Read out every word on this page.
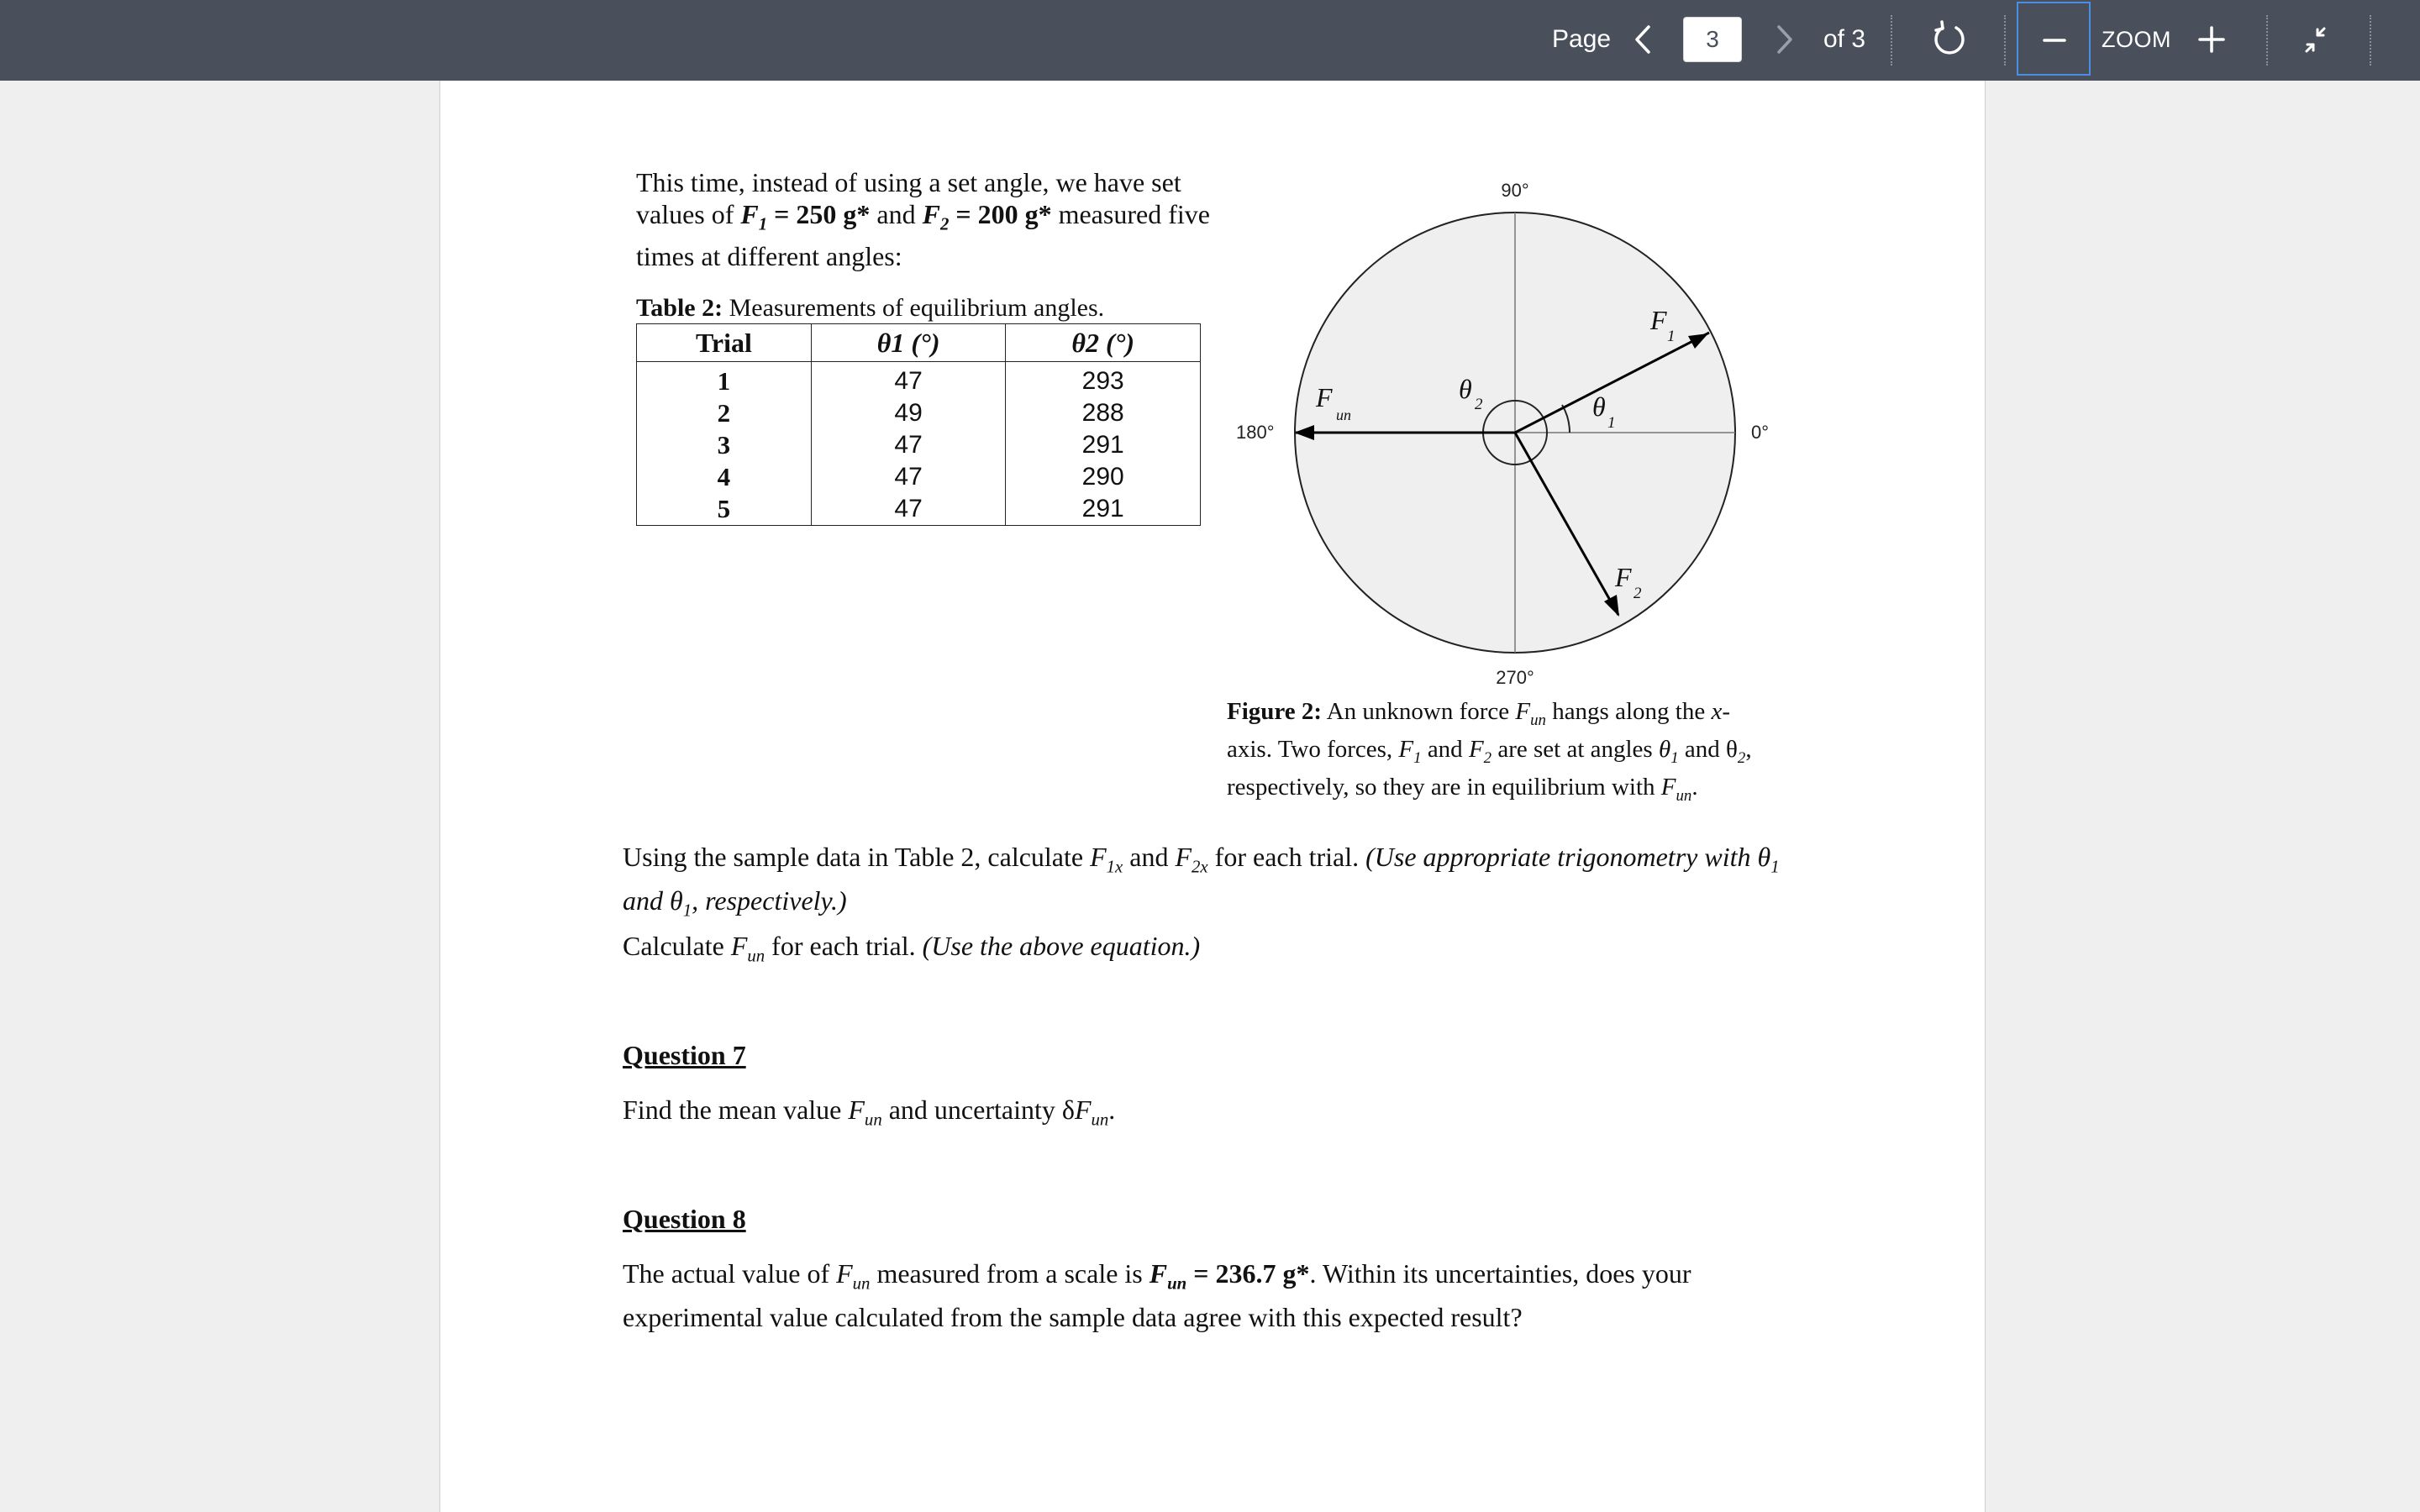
Page
3	of 3	ZOOM
This time, instead of using a set angle, we have set values of $F_1 = 250$ g* and $F_2 = 200$ g* measured five times at different angles:
Table 2: Measurements of equilibrium angles.
Trial	θ1 (°)	θ2 (°)
1	47	293
2	49	288
3	47	291
4	47	290
5	47	291
90°
180°	0°
270°
F
1
F
2
F
un
θ
2	θ
1
Figure 2: An unknown force $F_{un}$ hangs along the x-axis. Two forces, $F_1$ and $F_2$ are set at angles $\theta_1$ and $\theta_2$, respectively, so they are in equilibrium with $F_{un}$.
Using the sample data in Table 2, calculate $F_{1x}$ and $F_{2x}$ for each trial. (Use appropriate trigonometry with $\theta_1$ and $\theta_1$, respectively.)
Calculate $F_{un}$ for each trial. (Use the above equation.)
Question 7
Find the mean value $F_{un}$ and uncertainty $\delta F_{un}$.
Question 8
The actual value of $F_{un}$ measured from a scale is $F_{un} = 236.7$ g*. Within its uncertainties, does your experimental value calculated from the sample data agree with this expected result?
